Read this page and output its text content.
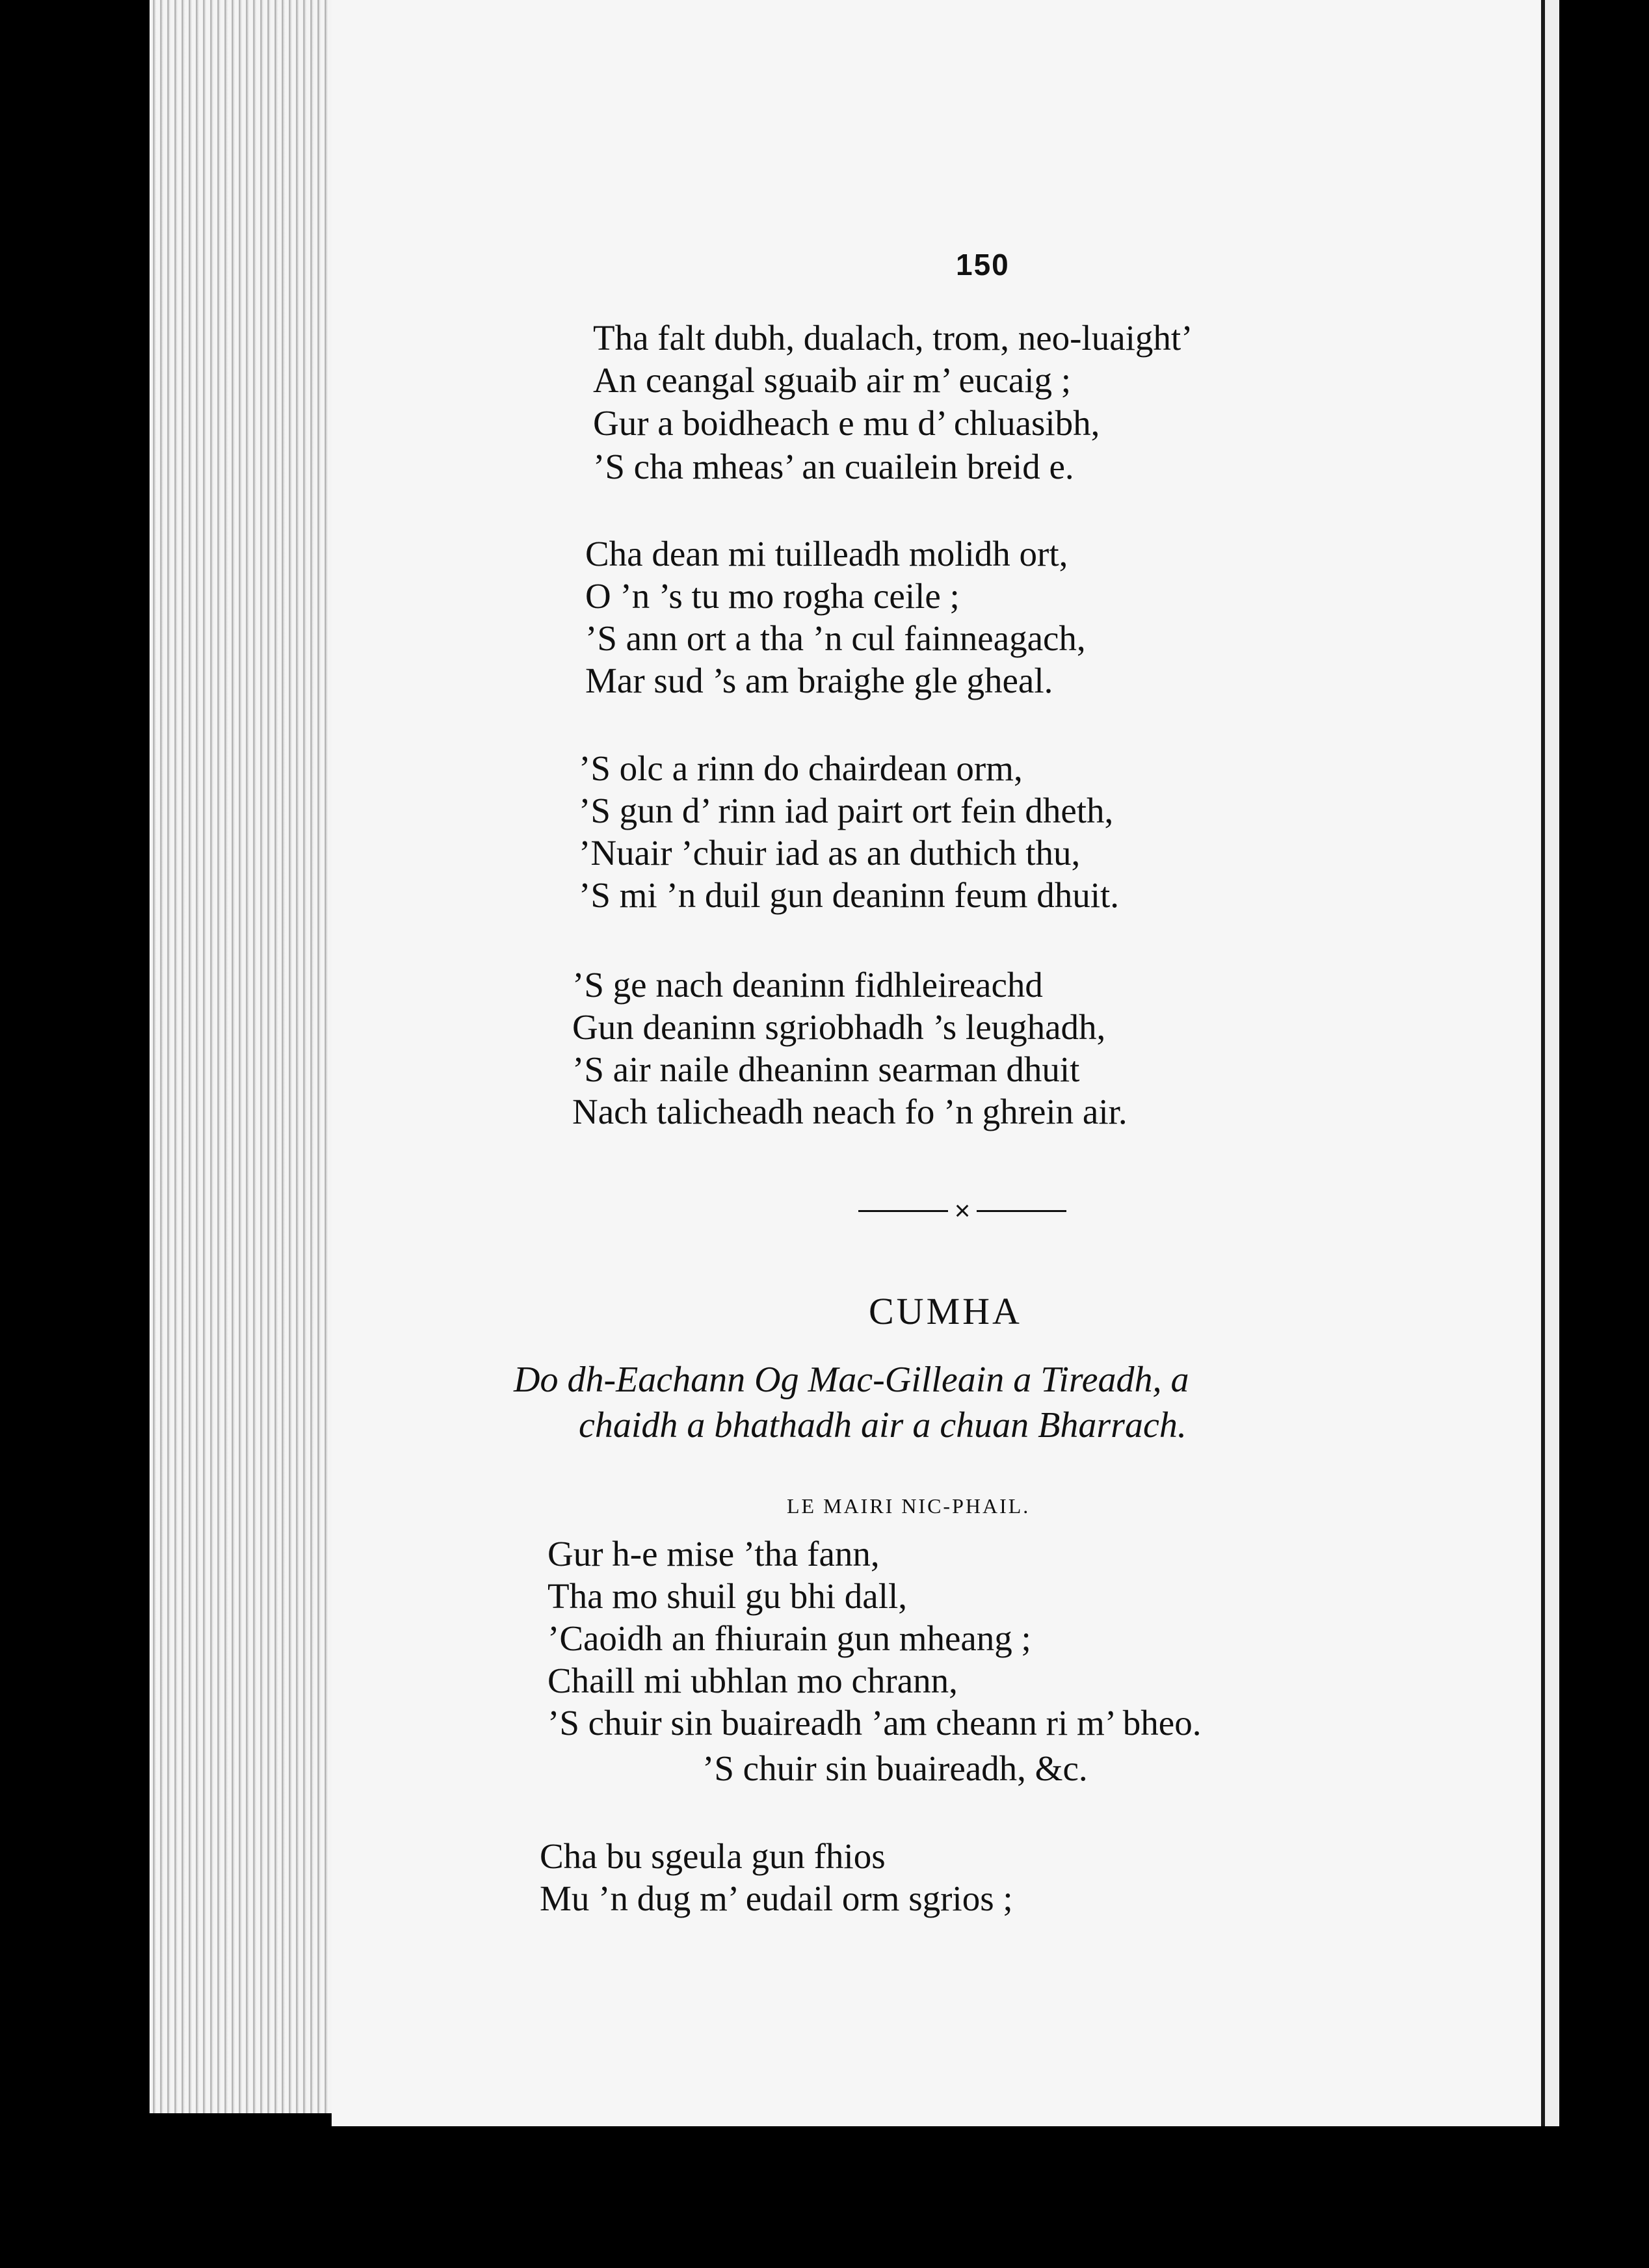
150
Tha falt dubh, dualach, trom, neo-luaight’
An ceangal sguaib air m’ eucaig ;
Gur a boidheach e mu d’ chluasibh,
’S cha mheas’ an cuailein breid e.
Cha dean mi tuilleadh molidh ort,
O ’n ’s tu mo rogha ceile ;
’S ann ort a tha ’n cul fainneagach,
Mar sud ’s am braighe gle gheal.
’S olc a rinn do chairdean orm,
’S gun d’ rinn iad pairt ort fein dheth,
’Nuair ’chuir iad as an duthich thu,
’S mi ’n duil gun deaninn feum dhuit.
’S ge nach deaninn fidhleireachd
Gun deaninn sgriobhadh ’s leughadh,
’S air naile dheaninn searman dhuit
Nach talicheadh neach fo ’n ghrein air.
×
CUMHA
Do dh-Eachann Og Mac-Gilleain a Tireadh, a
chaidh a bhathadh air a chuan Bharrach.
LE MAIRI NIC-PHAIL.
Gur h-e mise ’tha fann,
Tha mo shuil gu bhi dall,
’Caoidh an fhiurain gun mheang ;
Chaill mi ubhlan mo chrann,
’S chuir sin buaireadh ’am cheann ri m’ bheo.
’S chuir sin buaireadh, &c.
Cha bu sgeula gun fhios
Mu ’n dug m’ eudail orm sgrios ;
